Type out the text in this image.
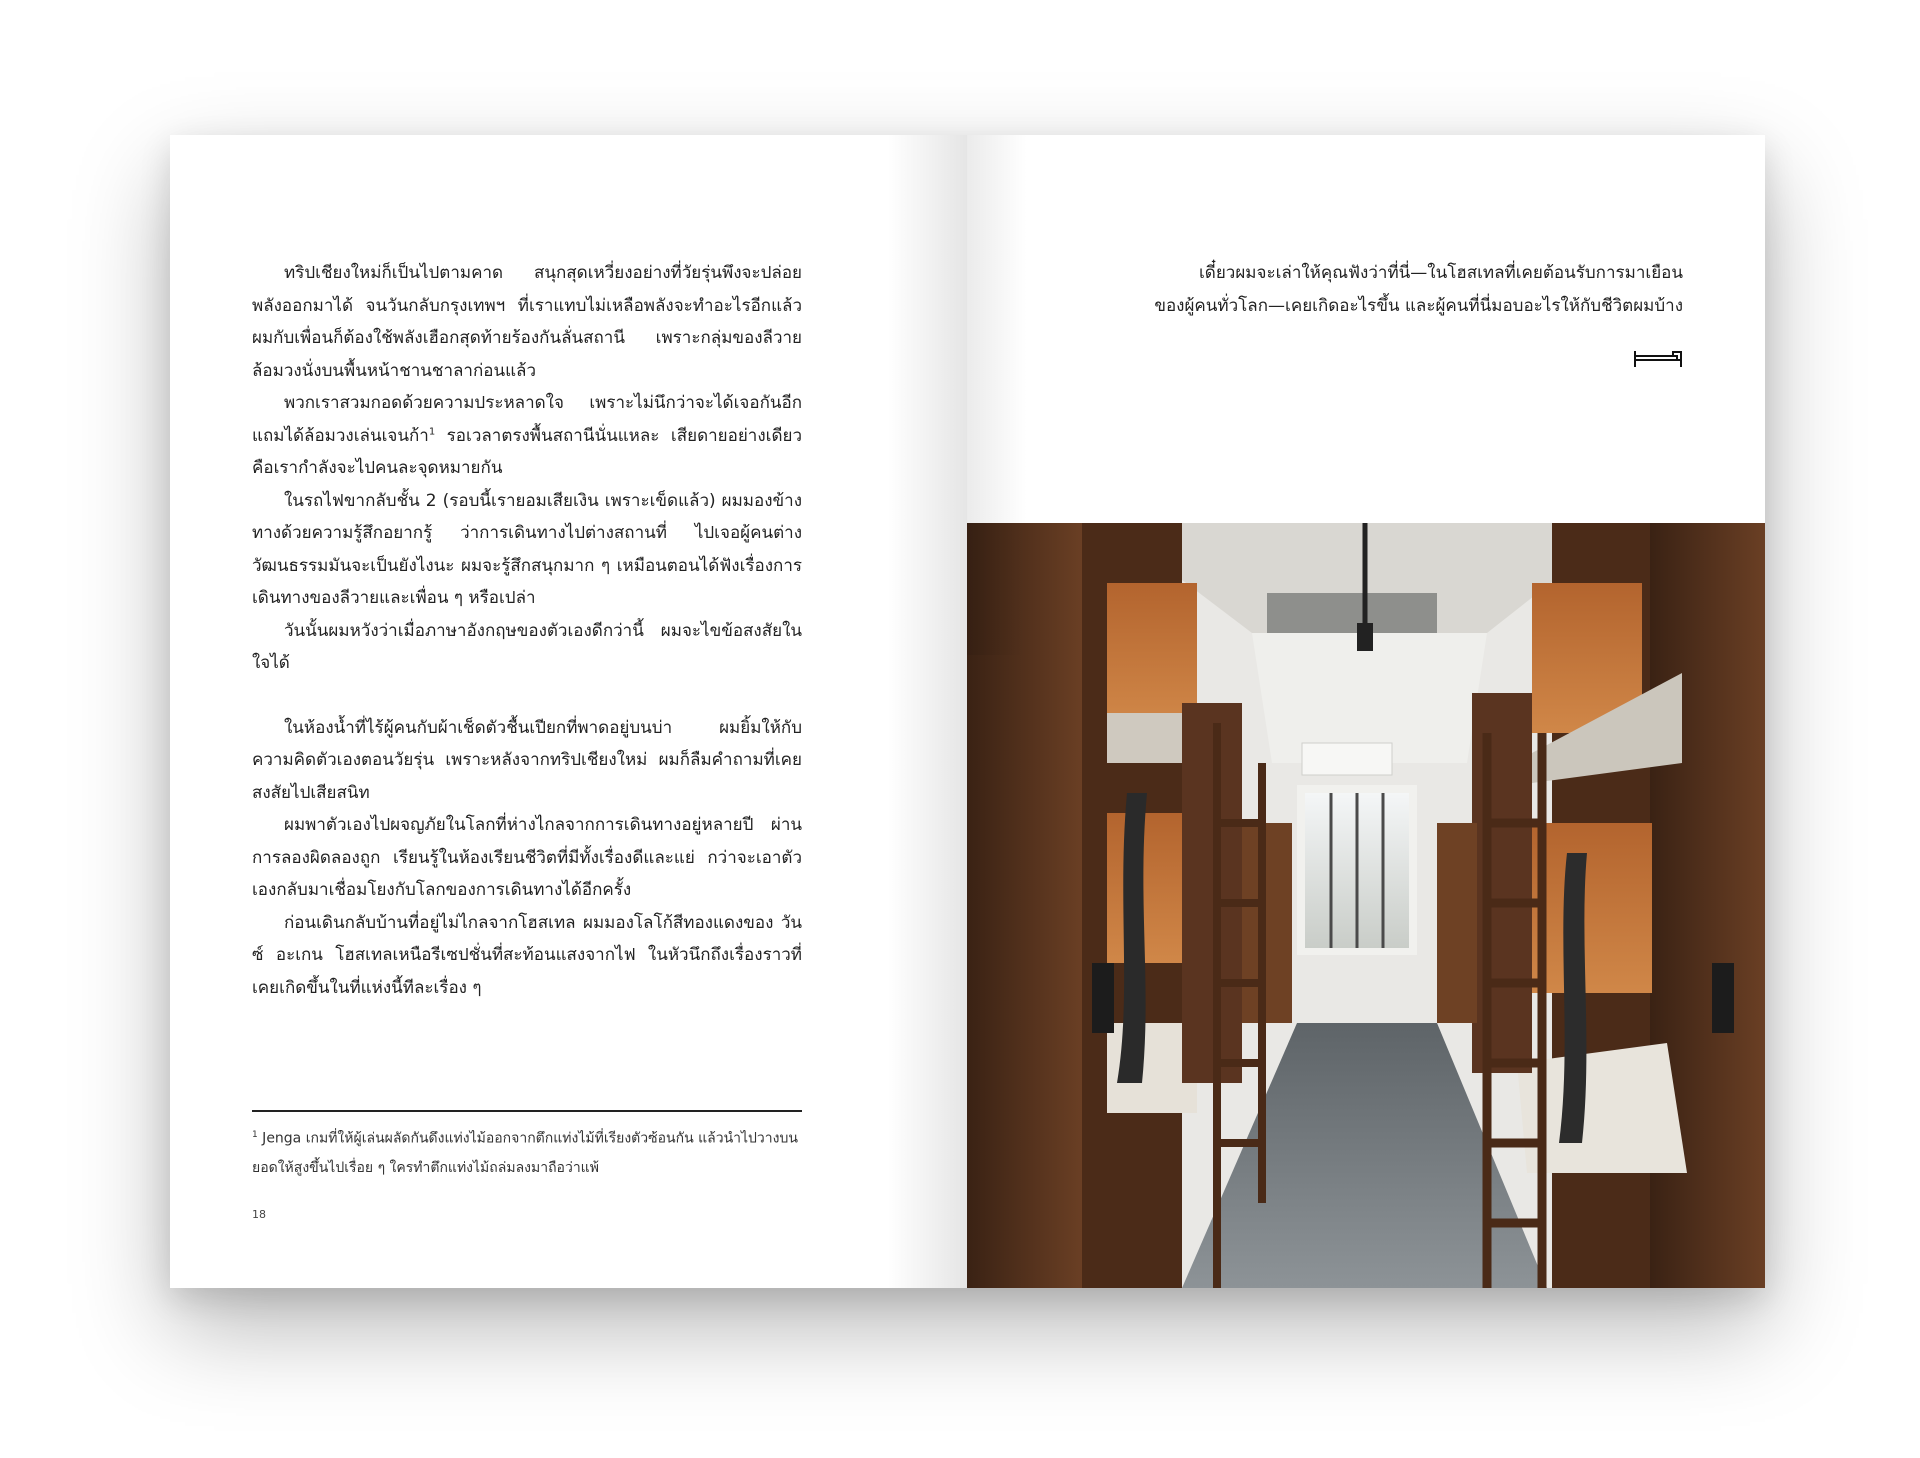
ทริปเชียงใหม่ก็เป็นไปตามคาด สนุกสุดเหวี่ยงอย่างที่วัยรุ่นพึงจะปล่อยพลังออกมาได้ จนวันกลับกรุงเทพฯ ที่เราแทบไม่เหลือพลังจะทำอะไรอีกแล้ว ผมกับเพื่อนก็ต้องใช้พลังเฮือกสุดท้ายร้องกันลั่นสถานี เพราะกลุ่มของลีวายล้อมวงนั่งบนพื้นหน้าชานชาลาก่อนแล้ว

พวกเราสวมกอดด้วยความประหลาดใจ เพราะไม่นึกว่าจะได้เจอกันอีก แถมได้ล้อมวงเล่นเจนก้า$^1$ รอเวลาตรงพื้นสถานีนั่นแหละ เสียดายอย่างเดียวคือเรากำลังจะไปคนละจุดหมายกัน

ในรถไฟขากลับชั้น 2 (รอบนี้เรายอมเสียเงิน เพราะเข็ดแล้ว) ผมมองข้างทางด้วยความรู้สึกอยากรู้ ว่าการเดินทางไปต่างสถานที่ ไปเจอผู้คนต่างวัฒนธรรมมันจะเป็นยังไงนะ ผมจะรู้สึกสนุกมาก ๆ เหมือนตอนได้ฟังเรื่องการเดินทางของลีวายและเพื่อน ๆ หรือเปล่า

วันนั้นผมหวังว่าเมื่อภาษาอังกฤษของตัวเองดีกว่านี้ ผมจะไขข้อสงสัยในใจได้

ในห้องน้ำที่ไร้ผู้คนกับผ้าเช็ดตัวชื้นเปียกที่พาดอยู่บนบ่า ผมยิ้มให้กับความคิดตัวเองตอนวัยรุ่น เพราะหลังจากทริปเชียงใหม่ ผมก็ลืมคำถามที่เคยสงสัยไปเสียสนิท

ผมพาตัวเองไปผจญภัยในโลกที่ห่างไกลจากการเดินทางอยู่หลายปี ผ่านการลองผิดลองถูก เรียนรู้ในห้องเรียนชีวิตที่มีทั้งเรื่องดีและแย่ กว่าจะเอาตัวเองกลับมาเชื่อมโยงกับโลกของการเดินทางได้อีกครั้ง

ก่อนเดินกลับบ้านที่อยู่ไม่ไกลจากโฮสเทล ผมมองโลโก้สีทองแดงของ วันซ์ อะเกน โฮสเทลเหนือรีเซปชั่นที่สะท้อนแสงจากไฟ ในหัวนึกถึงเรื่องราวที่เคยเกิดขึ้นในที่แห่งนี้ทีละเรื่อง ๆ

$^1$ Jenga เกมที่ให้ผู้เล่นผลัดกันดึงแท่งไม้ออกจากตึกแท่งไม้ที่เรียงตัวซ้อนกัน แล้วนำไปวางบนยอดให้สูงขึ้นไปเรื่อย ๆ ใครทำตึกแท่งไม้ถล่มลงมาถือว่าแพ้
18

เดี๋ยวผมจะเล่าให้คุณฟังว่าที่นี่—ในโฮสเทลที่เคยต้อนรับการมาเยือน

ของผู้คนทั่วโลก—เคยเกิดอะไรขึ้น และผู้คนที่นี่มอบอะไรให้กับชีวิตผมบ้าง
